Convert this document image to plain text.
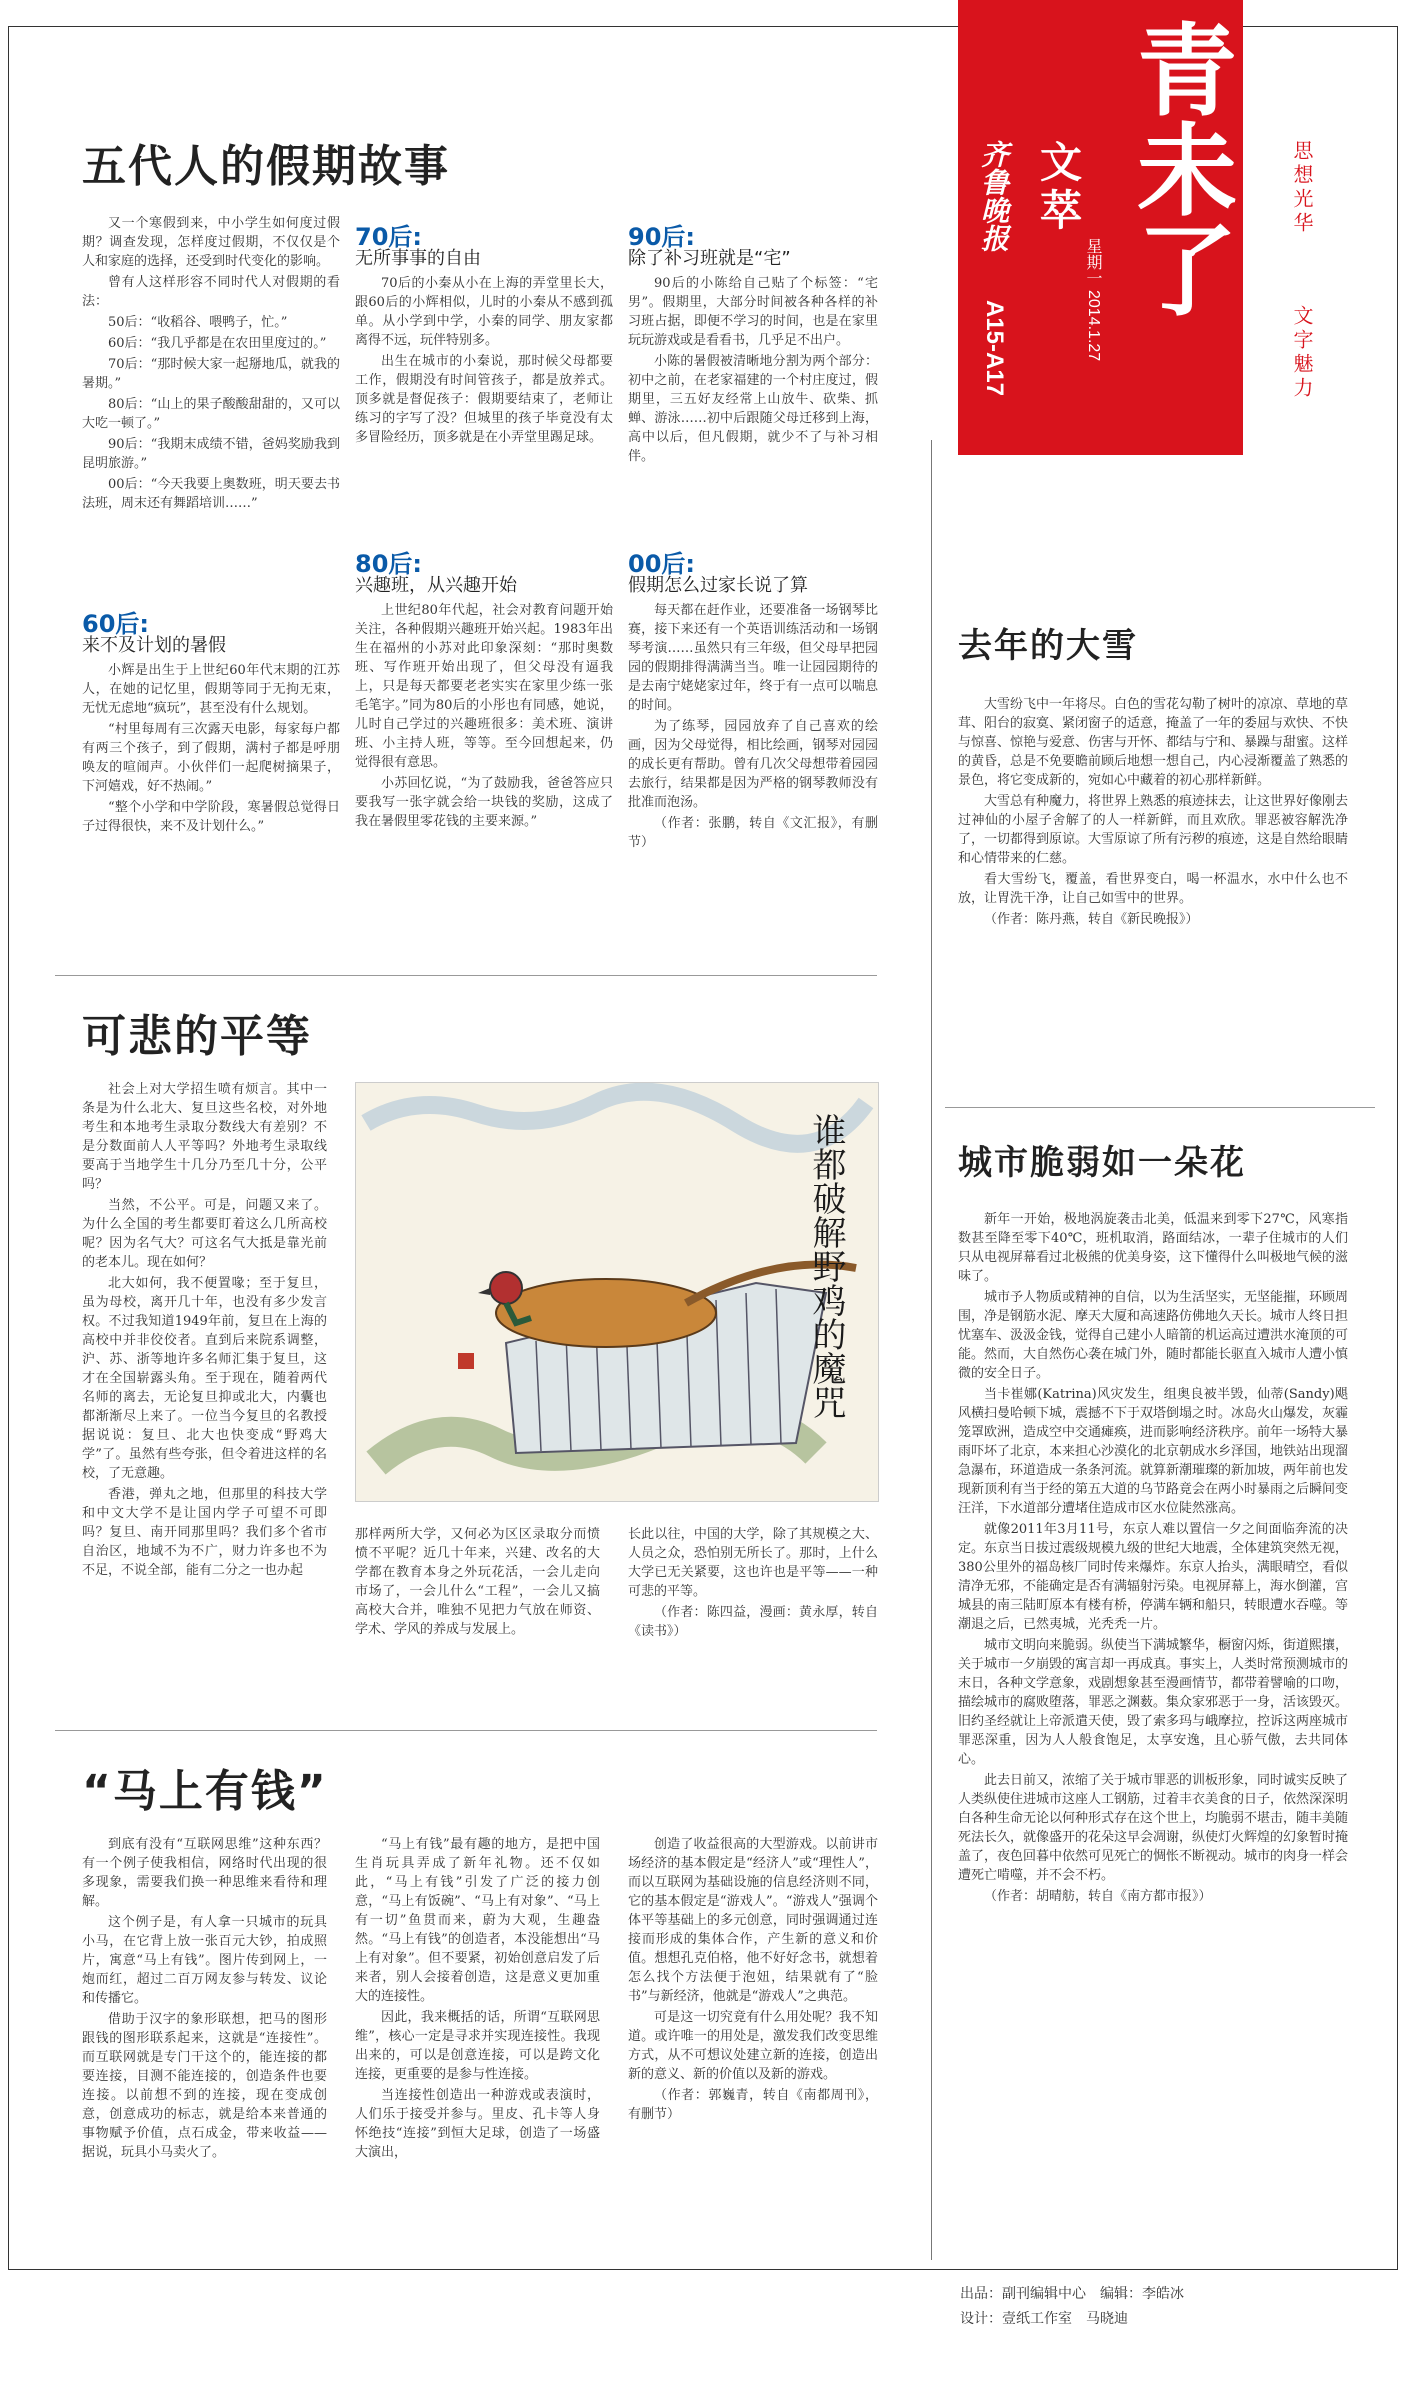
齐鲁晚报
A15-A17
文萃
星期一
2014.1.27
青未了	思想光华
文字魅力
五代人的假期故事

又一个寒假到来，中小学生如何度过假期？调查发现，怎样度过假期，不仅仅是个人和家庭的选择，还受到时代变化的影响。

曾有人这样形容不同时代人对假期的看法：

50后：“收稻谷、喂鸭子，忙。”

60后：“我几乎都是在农田里度过的。”

70后：“那时候大家一起掰地瓜，就我的暑期。”

80后：“山上的果子酸酸甜甜的，又可以大吃一顿了。”

90后：“我期末成绩不错，爸妈奖励我到昆明旅游。”

00后：“今天我要上奥数班，明天要去书法班，周末还有舞蹈培训……”

60后:
来不及计划的暑假

小辉是出生于上世纪60年代末期的江苏人，在她的记忆里，假期等同于无拘无束，无忧无虑地“疯玩”，甚至没有什么规划。

“村里每周有三次露天电影，每家每户都有两三个孩子，到了假期，满村子都是呼朋唤友的喧闹声。小伙伴们一起爬树摘果子，下河嬉戏，好不热闹。”

“整个小学和中学阶段，寒暑假总觉得日子过得很快，来不及计划什么。”

70后:
无所事事的自由

70后的小秦从小在上海的弄堂里长大，跟60后的小辉相似，儿时的小秦从不感到孤单。从小学到中学，小秦的同学、朋友家都离得不远，玩伴特别多。

出生在城市的小秦说，那时候父母都要工作，假期没有时间管孩子，都是放养式。顶多就是督促孩子：假期要结束了，老师让练习的字写了没？但城里的孩子毕竟没有太多冒险经历，顶多就是在小弄堂里踢足球。

80后:
兴趣班，从兴趣开始

上世纪80年代起，社会对教育问题开始关注，各种假期兴趣班开始兴起。1983年出生在福州的小苏对此印象深刻：“那时奥数班、写作班开始出现了，但父母没有逼我上，只是每天都要老老实实在家里少练一张毛笔字。”同为80后的小彤也有同感，她说，儿时自己学过的兴趣班很多：美术班、演讲班、小主持人班，等等。至今回想起来，仍觉得很有意思。

小苏回忆说，“为了鼓励我，爸爸答应只要我写一张字就会给一块钱的奖励，这成了我在暑假里零花钱的主要来源。”

90后:
除了补习班就是“宅”

90后的小陈给自己贴了个标签：“宅男”。假期里，大部分时间被各种各样的补习班占据，即便不学习的时间，也是在家里玩玩游戏或是看看书，几乎足不出户。

小陈的暑假被清晰地分割为两个部分：初中之前，在老家福建的一个村庄度过，假期里，三五好友经常上山放牛、砍柴、抓蝉、游泳……初中后跟随父母迁移到上海，高中以后，但凡假期，就少不了与补习相伴。

00后:
假期怎么过家长说了算

每天都在赶作业，还要准备一场钢琴比赛，接下来还有一个英语训练活动和一场钢琴考演……虽然只有三年级，但父母早把园园的假期排得满满当当。唯一让园园期待的是去南宁姥姥家过年，终于有一点可以喘息的时间。

为了练琴，园园放弃了自己喜欢的绘画，因为父母觉得，相比绘画，钢琴对园园的成长更有帮助。曾有几次父母想带着园园去旅行，结果都是因为严格的钢琴教师没有批准而泡汤。

（作者：张鹏，转自《文汇报》，有删节）
可悲的平等

社会上对大学招生喷有烦言。其中一条是为什么北大、复旦这些名校，对外地考生和本地考生录取分数线大有差别？不是分数面前人人平等吗？外地考生录取线要高于当地学生十几分乃至几十分，公平吗？

当然，不公平。可是，问题又来了。为什么全国的考生都要盯着这么几所高校呢？因为名气大？可这名气大抵是靠光前的老本儿。现在如何？

北大如何，我不便置喙；至于复旦，虽为母校，离开几十年，也没有多少发言权。不过我知道1949年前，复旦在上海的高校中并非佼佼者。直到后来院系调整，沪、苏、浙等地许多名师汇集于复旦，这才在全国崭露头角。至于现在，随着两代名师的离去，无论复旦抑或北大，内囊也都渐渐尽上来了。一位当今复旦的名教授据说说：复旦、北大也快变成“野鸡大学”了。虽然有些夸张，但令着进这样的名校，了无意趣。

香港，弹丸之地，但那里的科技大学和中文大学不是让国内学子可望不可即吗？复旦、南开同那里吗？我们多个省市自治区，地域不为不广，财力许多也不为不足，不说全部，能有二分之一也办起

谁都破解野鸡的魔咒

那样两所大学，又何必为区区录取分而愤愤不平呢？近几十年来，兴建、改名的大学都在教育本身之外玩花活，一会儿走向市场了，一会儿什么“工程”，一会儿又搞高校大合并，唯独不见把力气放在师资、学术、学风的养成与发展上。

长此以往，中国的大学，除了其规模之大、人员之众，恐怕别无所长了。那时，上什么大学已无关紧要，这也许也是平等——一种可悲的平等。

（作者：陈四益，漫画：黄永厚，转自《读书》）
“马上有钱”

到底有没有“互联网思维”这种东西？有一个例子使我相信，网络时代出现的很多现象，需要我们换一种思维来看待和理解。

这个例子是，有人拿一只城市的玩具小马，在它背上放一张百元大钞，拍成照片，寓意“马上有钱”。图片传到网上，一炮而红，超过二百万网友参与转发、议论和传播它。

借助于汉字的象形联想，把马的图形跟钱的图形联系起来，这就是“连接性”。而互联网就是专门干这个的，能连接的都要连接，目测不能连接的，创造条件也要连接。以前想不到的连接，现在变成创意，创意成功的标志，就是给本来普通的事物赋予价值，点石成金，带来收益——据说，玩具小马卖火了。

“马上有钱”最有趣的地方，是把中国生肖玩具弄成了新年礼物。还不仅如此，“马上有钱”引发了广泛的接力创意，“马上有饭碗”、“马上有对象”、“马上有一切”鱼贯而来，蔚为大观，生趣盎然。“马上有钱”的创造者，本没能想出“马上有对象”。但不要紧，初始创意启发了后来者，别人会接着创造，这是意义更加重大的连接性。

因此，我来概括的话，所谓“互联网思维”，核心一定是寻求并实现连接性。我现出来的，可以是创意连接，可以是跨文化连接，更重要的是参与性连接。

当连接性创造出一种游戏或表演时，人们乐于接受并参与。里皮、孔卡等人身怀绝技“连接”到恒大足球，创造了一场盛大演出，

创造了收益很高的大型游戏。以前讲市场经济的基本假定是“经济人”或“理性人”，而以互联网为基础设施的信息经济则不同，它的基本假定是“游戏人”。“游戏人”强调个体平等基础上的多元创意，同时强调通过连接而形成的集体合作，产生新的意义和价值。想想孔克伯格，他不好好念书，就想着怎么找个方法便于泡妞，结果就有了“脸书”与新经济，他就是“游戏人”之典范。

可是这一切究竟有什么用处呢？我不知道。或许唯一的用处是，激发我们改变思维方式，从不可想议处建立新的连接，创造出新的意义、新的价值以及新的游戏。

（作者：郭巍青，转自《南都周刊》，有删节）
去年的大雪

大雪纷飞中一年将尽。白色的雪花勾勒了树叶的凉凉、草地的草茸、阳台的寂寞、紧闭窗子的适意，掩盖了一年的委屈与欢快、不快与惊喜、惊艳与爱意、伤害与开怀、都结与宁和、暴躁与甜蜜。这样的黄昏，总是不免要瞻前顾后地想一想自己，内心浸渐覆盖了熟悉的景色，将它变成新的，宛如心中藏着的初心那样新鲜。

大雪总有种魔力，将世界上熟悉的痕迹抹去，让这世界好像刚去过神仙的小屋子舍解了的人一样新鲜，而且欢欣。罪恶被容解洗净了，一切都得到原谅。大雪原谅了所有污秽的痕迹，这是自然给眼睛和心情带来的仁慈。

看大雪纷飞，覆盖，看世界变白，喝一杯温水，水中什么也不放，让胃洗干净，让自己如雪中的世界。

（作者：陈丹燕，转自《新民晚报》）
城市脆弱如一朵花

新年一开始，极地涡旋袭击北美，低温来到零下27℃，风寒指数甚至降至零下40℃，班机取消，路面结冰，一辈子住城市的人们只从电视屏幕看过北极熊的优美身姿，这下懂得什么叫极地气候的滋味了。

城市予人物质或精神的自信，以为生活坚实，无坚能摧，环顾周围，净是钢筋水泥、摩天大厦和高速路仿佛地久天长。城市人终日担忧塞车、汲汲金钱，觉得自己建小人暗箭的机运高过遭洪水淹顶的可能。然而，大自然伤心袭在城门外，随时都能长驱直入城市人遭小慎微的安全日子。

当卡崔娜(Katrina)风灾发生，组奥良被半毁，仙蒂(Sandy)飓风横扫曼哈顿下城，震撼不下于双塔倒塌之时。冰岛火山爆发，灰霾笼罩欧洲，造成空中交通瘫痪，进而影响经济秩序。前年一场特大暴雨吓坏了北京，本来担心沙漠化的北京朝成水乡泽国，地铁站出现溜急瀑布，环道造成一条条河流。就算新潮璀璨的新加坡，两年前也发现新顶利有当于经的第五大道的乌节路竟会在两小时暴雨之后瞬间变汪洋，下水道部分遭堵住造成市区水位陡然涨高。

就像2011年3月11号，东京人难以置信一夕之间面临奔流的决定。东京当日拔过震级规模九级的世纪大地震，全体建筑突然无视，380公里外的福岛核厂同时传来爆炸。东京人抬头，满眼晴空，看似清净无邪，不能确定是否有满辐射污染。电视屏幕上，海水倒灌，宫城县的南三陆町原本有楼有桥，停满车辆和船只，转眼遭水吞噬。等潮退之后，已然夷城，光秃秃一片。

城市文明向来脆弱。纵使当下满城繁华，橱窗闪烁，街道熙攘，关于城市一夕崩毁的寓言却一再成真。事实上，人类时常预测城市的末日，各种文学意象，戏剧想象甚至漫画情节，都带着譬喻的口吻，描绘城市的腐败堕落，罪恶之渊薮。集众家邪恶于一身，活该毁灭。旧约圣经就让上帝派遣天使，毁了索多玛与峨摩拉，控诉这两座城市罪恶深重，因为人人般食饱足，太享安逸，且心骄气傲，去共同体心。

此去日前又，浓缩了关于城市罪恶的训板形象，同时诚实反映了人类纵使住进城市这座人工钢筋，过着丰衣美食的日子，依然深深明白各种生命无论以何种形式存在这个世上，均脆弱不堪击，随丰美随死法长久，就像盛开的花朵这早会凋谢，纵使灯火辉煌的幻象暂时掩盖了，夜色回暮中依然可见死亡的惆怅不断视动。城市的肉身一样会遭死亡啃噬，并不会不朽。

（作者：胡晴舫，转自《南方都市报》）
出品：副刊编辑中心　编辑：李皓冰
设计：壹纸工作室　马晓迪
